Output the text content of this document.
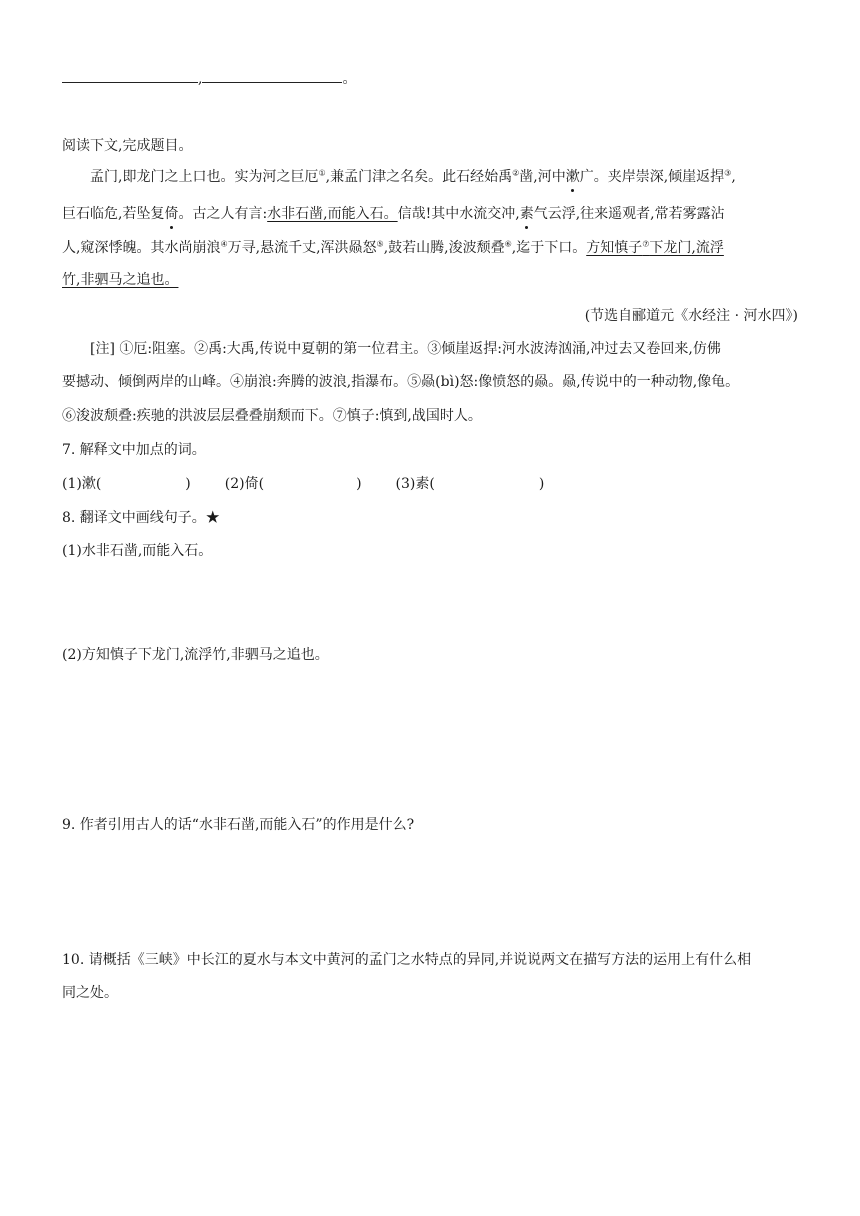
,	。
阅读下文,完成题目。
孟门,即龙门之上口也。实为河之巨厄①,兼孟门津之名矣。此石经始禹②凿,河中漱广。夹岸崇深,倾崖返捍③,
巨石临危,若坠复倚。古之人有言:水非石凿,而能入石。信哉!其中水流交冲,素气云浮,往来遥观者,常若雾露沾
人,窥深悸魄。其水尚崩浪④万寻,悬流千丈,浑洪赑怒⑤,鼓若山腾,浚波颓叠⑥,迄于下口。方知慎子⑦下龙门,流浮
竹,非驷马之追也。
(节选自郦道元《水经注 · 河水四》)
[注] ①厄:阻塞。②禹:大禹,传说中夏朝的第一位君主。③倾崖返捍:河水波涛汹涌,冲过去又卷回来,仿佛
要撼动、倾倒两岸的山峰。④崩浪:奔腾的波浪,指瀑布。⑤赑(bì)怒:像愤怒的赑。赑,传说中的一种动物,像龟。
⑥浚波颓叠:疾驰的洪波层层叠叠崩颓而下。⑦慎子:慎到,战国时人。
7. 解释文中加点的词。
(1)漱(	) (2)倚(	) (3)素(	)
8. 翻译文中画线句子。★
(1)水非石凿,而能入石。
(2)方知慎子下龙门,流浮竹,非驷马之追也。
9. 作者引用古人的话“水非石凿,而能入石”的作用是什么?
10. 请概括《三峡》中长江的夏水与本文中黄河的孟门之水特点的异同,并说说两文在描写方法的运用上有什么相
同之处。
